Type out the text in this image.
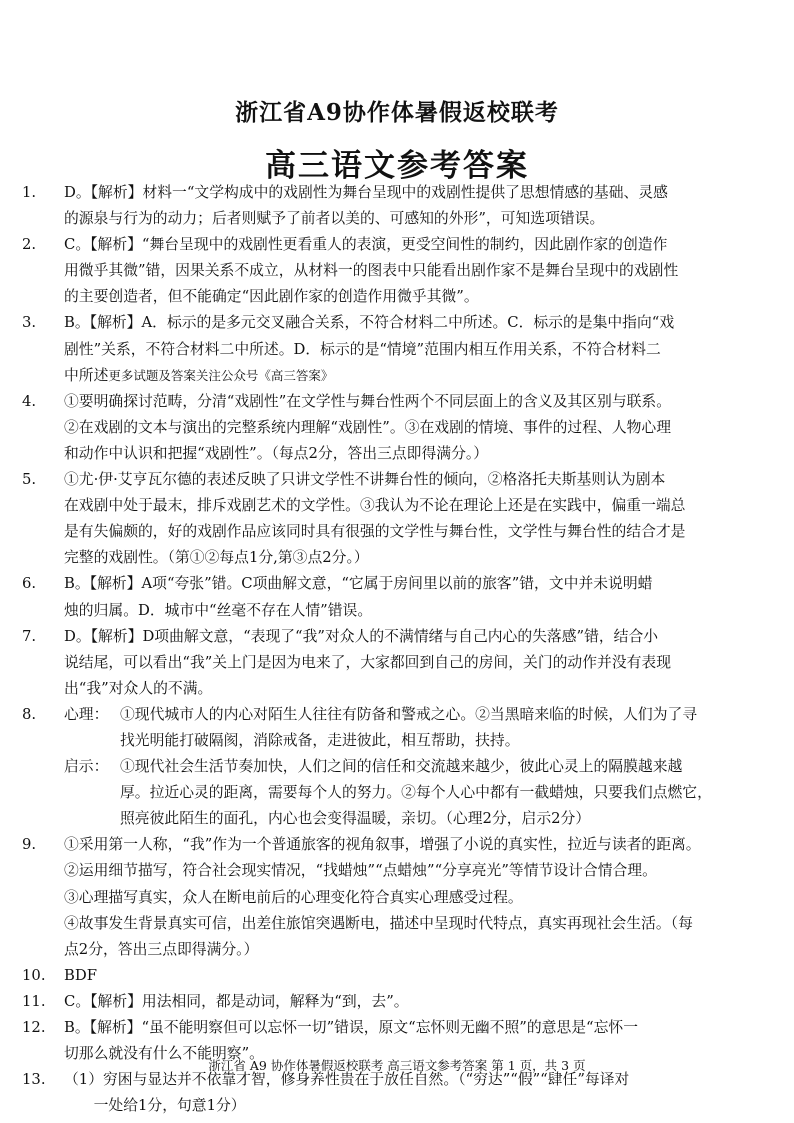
浙江省A9协作体暑假返校联考
高三语文参考答案
1.	D。【解析】材料一“文学构成中的戏剧性为舞台呈现中的戏剧性提供了思想情感的基础、灵感
的源泉与行为的动力；后者则赋予了前者以美的、可感知的外形”，可知选项错误。
2.	C。【解析】“舞台呈现中的戏剧性更看重人的表演，更受空间性的制约，因此剧作家的创造作
用微乎其微”错，因果关系不成立，从材料一的图表中只能看出剧作家不是舞台呈现中的戏剧性
的主要创造者，但不能确定“因此剧作家的创造作用微乎其微”。
3.	B。【解析】A．标示的是多元交叉融合关系，不符合材料二中所述。C．标示的是集中指向“戏
剧性”关系，不符合材料二中所述。D．标示的是“情境”范围内相互作用关系，不符合材料二
中所述更多试题及答案关注公众号《高三答案》
4.	①要明确探讨范畴，分清“戏剧性”在文学性与舞台性两个不同层面上的含义及其区别与联系。
②在戏剧的文本与演出的完整系统内理解“戏剧性”。③在戏剧的情境、事件的过程、人物心理
和动作中认识和把握“戏剧性”。（每点2分，答出三点即得满分。）
5.	①尤·伊·艾亨瓦尔德的表述反映了只讲文学性不讲舞台性的倾向，②格洛托夫斯基则认为剧本
在戏剧中处于最末，排斥戏剧艺术的文学性。③我认为不论在理论上还是在实践中，偏重一端总
是有失偏颇的，好的戏剧作品应该同时具有很强的文学性与舞台性，文学性与舞台性的结合才是
完整的戏剧性。（第①②每点1分,第③点2分。）
6.	B。【解析】A项“夸张”错。C项曲解文意，“它属于房间里以前的旅客”错，文中并未说明蜡
烛的归属。D．城市中“丝毫不存在人情”错误。
7.	D。【解析】D项曲解文意，“表现了“我”对众人的不满情绪与自己内心的失落感”错，结合小
说结尾，可以看出“我”关上门是因为电来了，大家都回到自己的房间，关门的动作并没有表现
出“我”对众人的不满。
8.	心理： ①现代城市人的内心对陌生人往往有防备和警戒之心。②当黑暗来临的时候，人们为了寻
找光明能打破隔阂，消除戒备，走进彼此，相互帮助，扶持。
启示： ①现代社会生活节奏加快，人们之间的信任和交流越来越少，彼此心灵上的隔膜越来越
厚。拉近心灵的距离，需要每个人的努力。②每个人心中都有一截蜡烛，只要我们点燃它，
照亮彼此陌生的面孔，内心也会变得温暖，亲切。（心理2分，启示2分）
9.	①采用第一人称，“我”作为一个普通旅客的视角叙事，增强了小说的真实性，拉近与读者的距离。
②运用细节描写，符合社会现实情况，“找蜡烛”“点蜡烛”“分享亮光”等情节设计合情合理。
③心理描写真实，众人在断电前后的心理变化符合真实心理感受过程。
④故事发生背景真实可信，出差住旅馆突遇断电，描述中呈现时代特点，真实再现社会生活。（每
点2分，答出三点即得满分。）
10.	BDF
11.	C。【解析】用法相同，都是动词，解释为“到，去”。
12.	B。【解析】“虽不能明察但可以忘怀一切”错误，原文“忘怀则无幽不照”的意思是“忘怀一
切那么就没有什么不能明察”。
13.	（1）穷困与显达并不依靠才智，修身养性贵在于放任自然。（“穷达”“假”“肆任”每译对
　　一处给1分，句意1分）
浙江省 A9 协作体暑假返校联考 高三语文参考答案 第 1 页，共 3 页
